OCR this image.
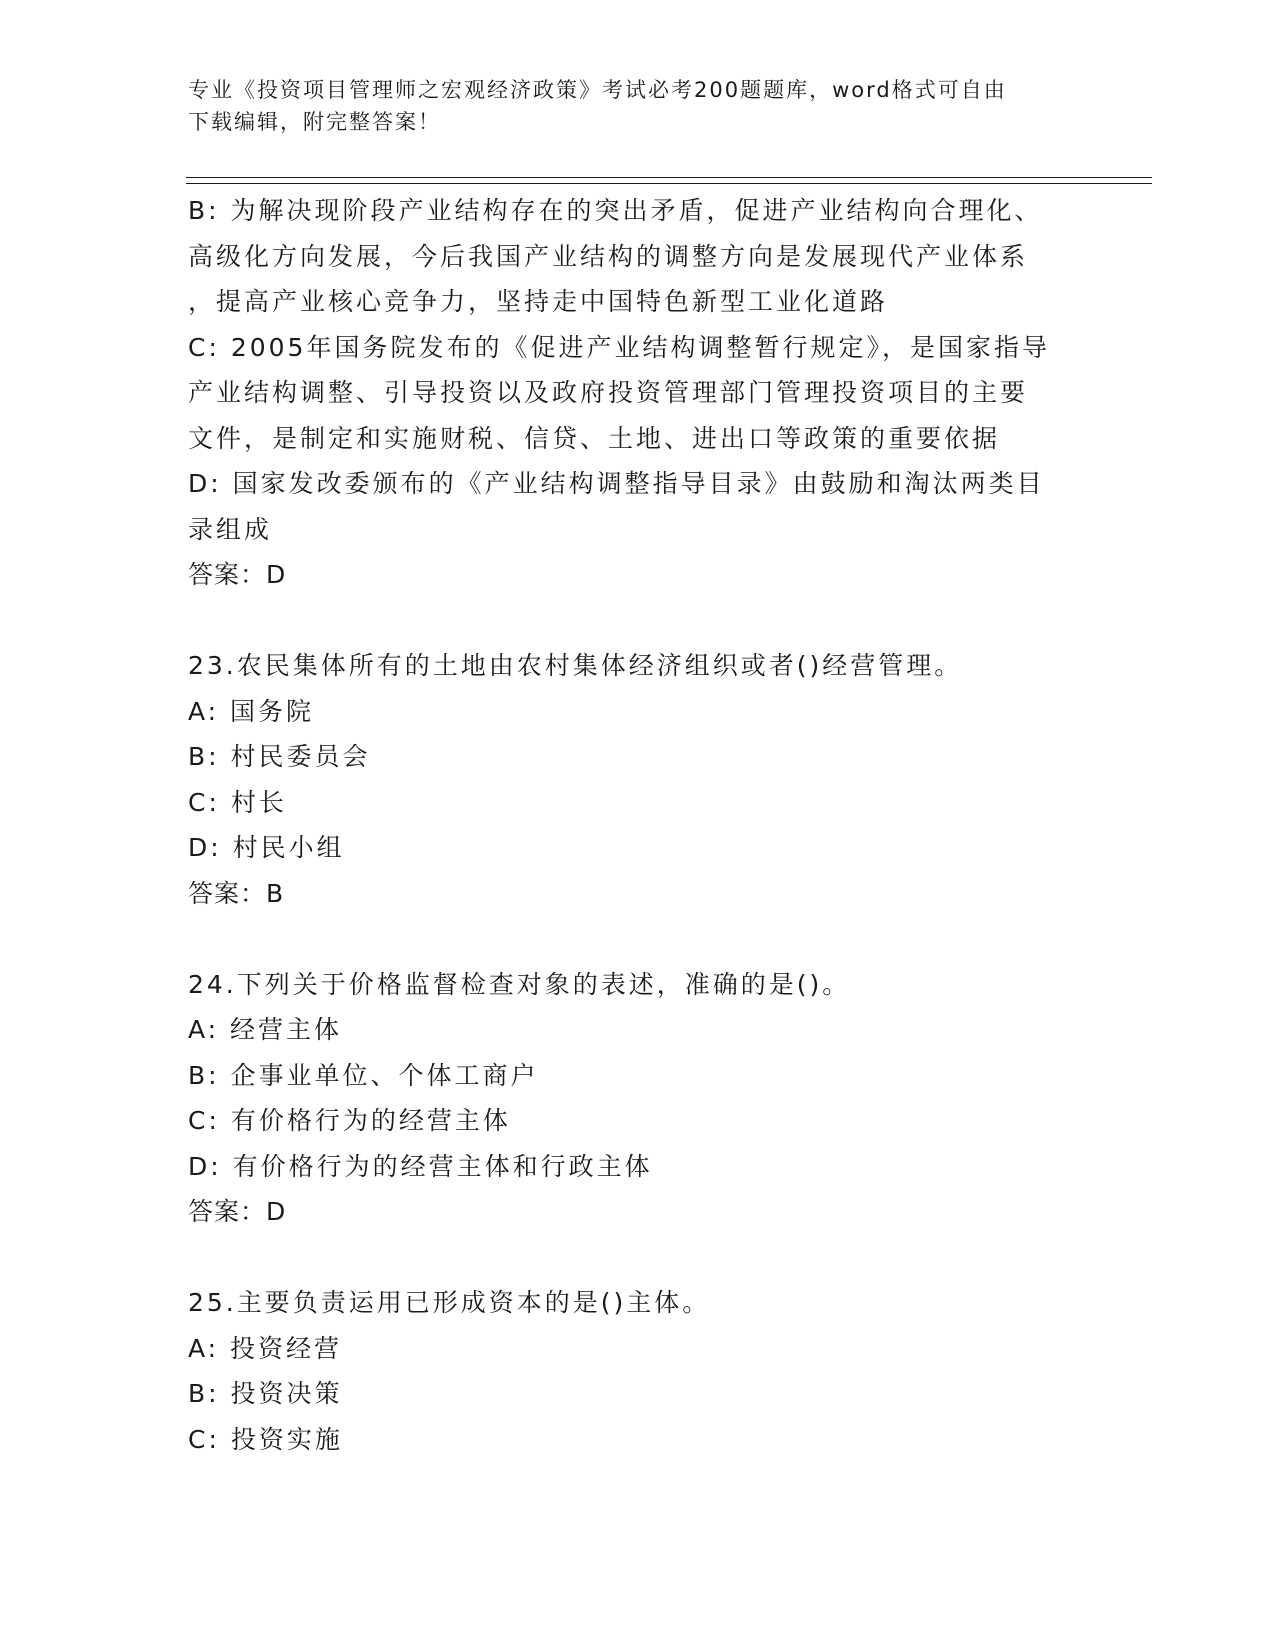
专业《投资项目管理师之宏观经济政策》考试必考200题题库，word格式可自由
下载编辑，附完整答案！
B: 为解决现阶段产业结构存在的突出矛盾，促进产业结构向合理化、
高级化方向发展，今后我国产业结构的调整方向是发展现代产业体系
，提高产业核心竞争力，坚持走中国特色新型工业化道路
C: 2005年国务院发布的《促进产业结构调整暂行规定》，是国家指导
产业结构调整、引导投资以及政府投资管理部门管理投资项目的主要
文件，是制定和实施财税、信贷、土地、进出口等政策的重要依据
D: 国家发改委颁布的《产业结构调整指导目录》由鼓励和淘汰两类目
录组成
答案：D
23.农民集体所有的土地由农村集体经济组织或者()经营管理。
A: 国务院
B: 村民委员会
C: 村长
D: 村民小组
答案：B
24.下列关于价格监督检查对象的表述，准确的是()。
A: 经营主体
B: 企事业单位、个体工商户
C: 有价格行为的经营主体
D: 有价格行为的经营主体和行政主体
答案：D
25.主要负责运用已形成资本的是()主体。
A: 投资经营
B: 投资决策
C: 投资实施
